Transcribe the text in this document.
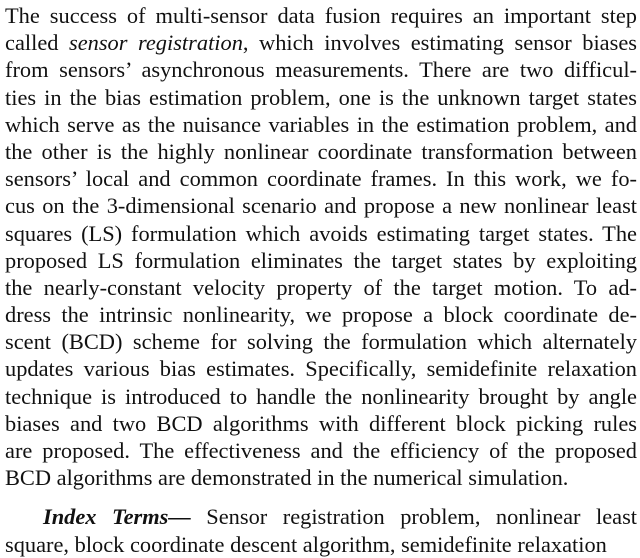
The success of multi-sensor data fusion requires an important step
called sensor registration, which involves estimating sensor biases
from sensors’ asynchronous measurements. There are two difficul-
ties in the bias estimation problem, one is the unknown target states
which serve as the nuisance variables in the estimation problem, and
the other is the highly nonlinear coordinate transformation between
sensors’ local and common coordinate frames. In this work, we fo-
cus on the 3-dimensional scenario and propose a new nonlinear least
squares (LS) formulation which avoids estimating target states. The
proposed LS formulation eliminates the target states by exploiting
the nearly-constant velocity property of the target motion. To ad-
dress the intrinsic nonlinearity, we propose a block coordinate de-
scent (BCD) scheme for solving the formulation which alternately
updates various bias estimates. Specifically, semidefinite relaxation
technique is introduced to handle the nonlinearity brought by angle
biases and two BCD algorithms with different block picking rules
are proposed. The effectiveness and the efficiency of the proposed
BCD algorithms are demonstrated in the numerical simulation.
Index Terms— Sensor registration problem, nonlinear least
square, block coordinate descent algorithm, semidefinite relaxation
